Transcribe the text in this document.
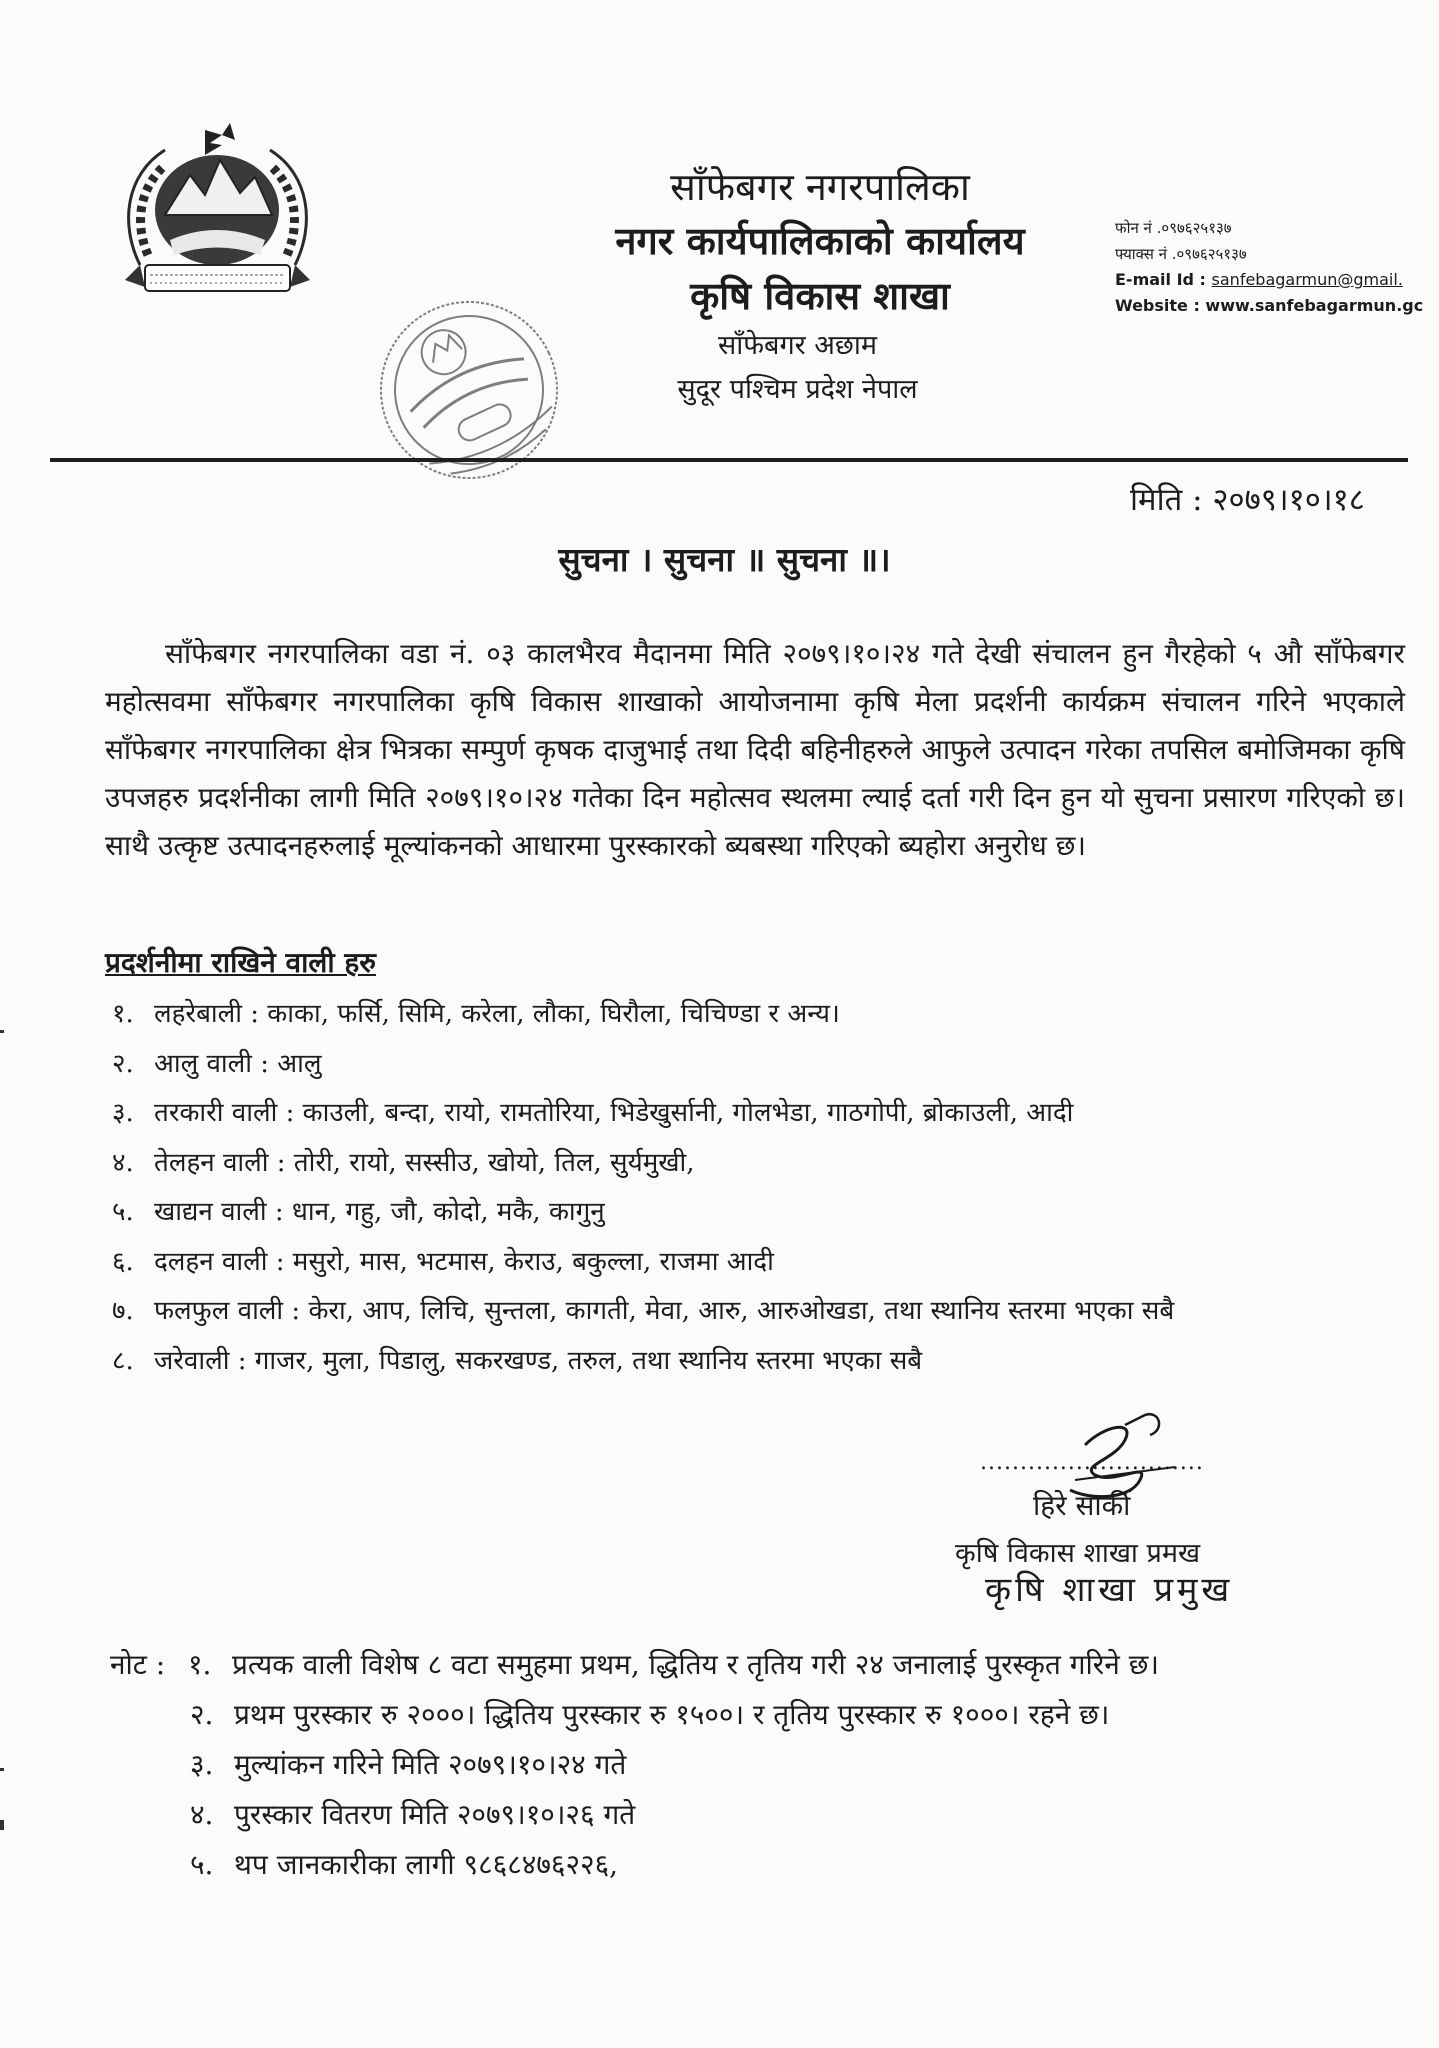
साँफेबगर नगरपालिका
नगर कार्यपालिकाको कार्यालय
कृषि विकास शाखा
साँफेबगर अछाम
सुदूर पश्चिम प्रदेश नेपाल
फोन नं .०९७६२५१३७
फ्याक्स नं .०९७६२५१३७
E-mail Id : sanfebagarmun@gmail.
Website : www.sanfebagarmun.gc
मिति : २०७९।१०।१८
सुचना । सुचना ॥ सुचना ॥।
साँफेबगर नगरपालिका वडा नं. ०३ कालभैरव मैदानमा मिति २०७९।१०।२४ गते देखी संचालन हुन गैरहेको ५ औ साँफेबगर महोत्सवमा साँफेबगर नगरपालिका कृषि विकास शाखाको आयोजनामा कृषि मेला प्रदर्शनी कार्यक्रम संचालन गरिने भएकाले साँफेबगर नगरपालिका क्षेत्र भित्रका सम्पुर्ण कृषक दाजुभाई तथा दिदी बहिनीहरुले आफुले उत्पादन गरेका तपसिल बमोजिमका कृषि उपजहरु प्रदर्शनीका लागी मिति २०७९।१०।२४ गतेका दिन महोत्सव स्थलमा ल्याई दर्ता गरी दिन हुन यो सुचना प्रसारण गरिएको छ। साथै उत्कृष्ट उत्पादनहरुलाई मूल्यांकनको आधारमा पुरस्कारको ब्यबस्था गरिएको ब्यहोरा अनुरोध छ।
प्रदर्शनीमा राखिने वाली हरु
१. लहरेबाली : काका, फर्सि, सिमि, करेला, लौका, घिरौला, चिचिण्डा र अन्य।
२. आलु वाली : आलु
३. तरकारी वाली : काउली, बन्दा, रायो, रामतोरिया, भिडेखुर्सानी, गोलभेडा, गाठगोपी, ब्रोकाउली, आदी
४. तेलहन वाली : तोरी, रायो, सस्सीउ, खोयो, तिल, सुर्यमुखी,
५. खाद्यन वाली : धान, गहु, जौ, कोदो, मकै, कागुनु
६. दलहन वाली : मसुरो, मास, भटमास, केराउ, बकुल्ला, राजमा आदी
७. फलफुल वाली : केरा, आप, लिचि, सुन्तला, कागती, मेवा, आरु, आरुओखडा, तथा स्थानिय स्तरमा भएका सबै
८. जरेवाली : गाजर, मुला, पिडालु, सकरखण्ड, तरुल, तथा स्थानिय स्तरमा भएका सबै
............................
हिरे सार्की
कृषि विकास शाखा प्रमख
कृषि शाखा प्रमुख
नोट : १. प्रत्यक वाली विशेष ८ वटा समुहमा प्रथम, द्धितिय र तृतिय गरी २४ जनालाई पुरस्कृत गरिने छ।
२. प्रथम पुरस्कार रु २०००। द्धितिय पुरस्कार रु १५००। र तृतिय पुरस्कार रु १०००। रहने छ।
३. मुल्यांकन गरिने मिति २०७९।१०।२४ गते
४. पुरस्कार वितरण मिति २०७९।१०।२६ गते
५. थप जानकारीका लागी ९८६८४७६२२६,
